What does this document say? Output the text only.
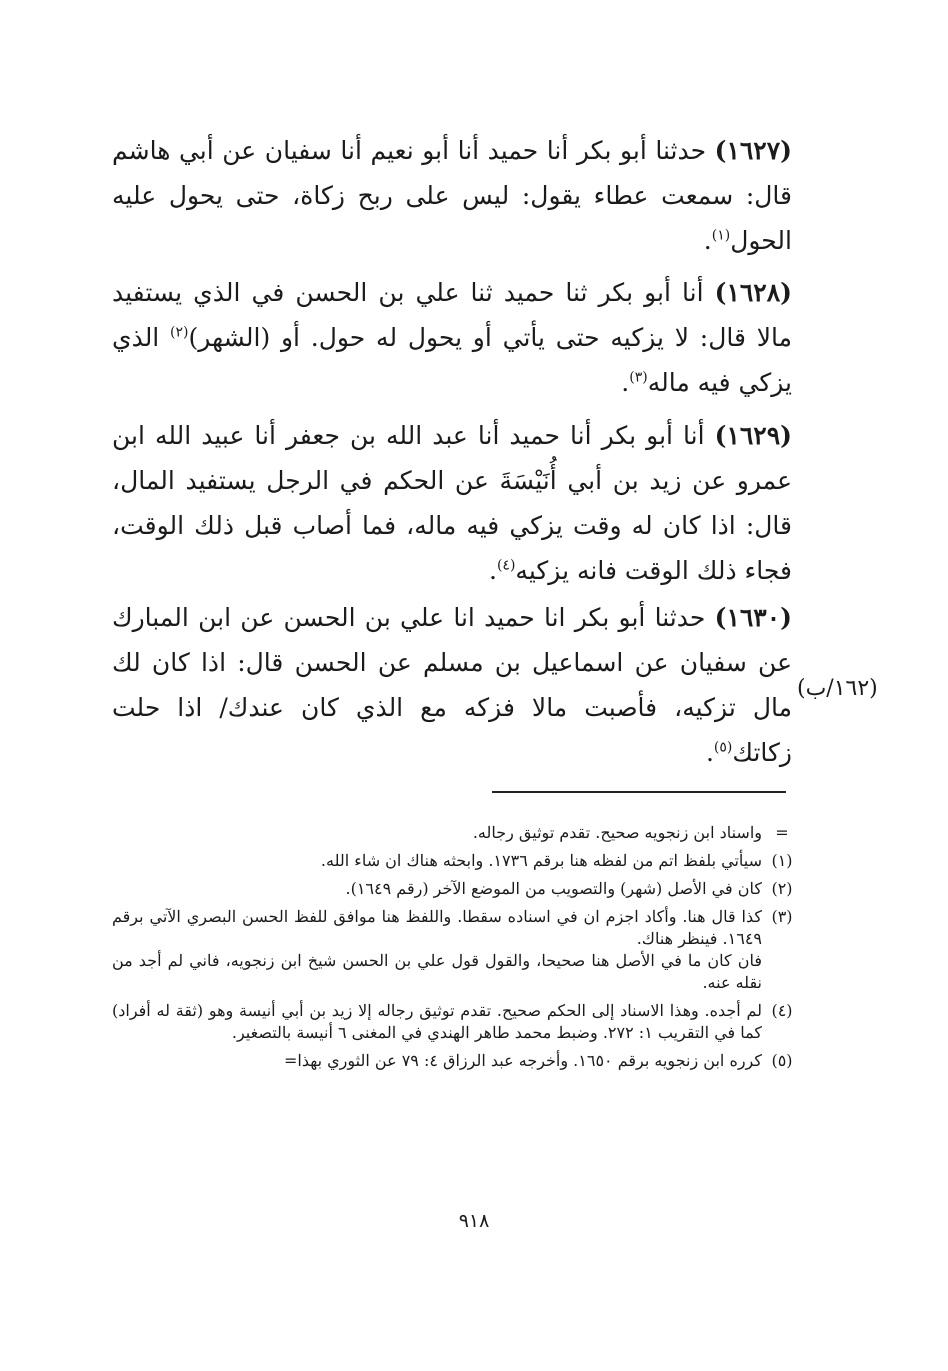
(١٦٢٧) حدثنا أبو بكر أنا حميد أنا أبو نعيم أنا سفيان عن أبي هاشم قال: سمعت عطاء يقول: ليس على ربح زكاة، حتى يحول عليه الحول$^{(١)}$.

(١٦٢٨) أنا أبو بكر ثنا حميد ثنا علي بن الحسن في الذي يستفيد مالا قال: لا يزكيه حتى يأتي أو يحول له حول. أو (الشهر)$^{(٢)}$ الذي يزكي فيه ماله$^{(٣)}$.

(١٦٢٩) أنا أبو بكر أنا حميد أنا عبد الله بن جعفر أنا عبيد الله ابن عمرو عن زيد بن أبي أُنَيْسَةَ عن الحكم في الرجل يستفيد المال، قال: اذا كان له وقت يزكي فيه ماله، فما أصاب قبل ذلك الوقت، فجاء ذلك الوقت فانه يزكيه$^{(٤)}$.

(١٦٣٠) حدثنا أبو بكر انا حميد انا علي بن الحسن عن ابن المبارك عن سفيان عن اسماعيل بن مسلم عن الحسن قال: اذا كان لك مال تزكيه، فأصبت مالا فزكه مع الذي كان عندك/ اذا حلت زكاتك$^{(٥)}$.

(١٦٢/ب)
=

واسناد ابن زنجويه صحيح. تقدم توثيق رجاله.

(١)

سيأتي بلفظ اتم من لفظه هنا برقم ١٧٣٦. وابحثه هناك ان شاء الله.

(٢)

كان في الأصل (شهر) والتصويب من الموضع الآخر (رقم ١٦٤٩).

(٣)

كذا قال هنا. وأكاد اجزم ان في اسناده سقطا. واللفظ هنا موافق للفظ الحسن البصري الآتي برقم ١٦٤٩. فينظر هناك.

فان كان ما في الأصل هنا صحيحا، والقول قول علي بن الحسن شيخ ابن زنجويه، فاني لم أجد من نقله عنه.

(٤)

لم أجده. وهذا الاسناد إلى الحكم صحيح. تقدم توثيق رجاله إلا زيد بن أبي أنيسة وهو (ثقة له أفراد) كما في التقريب ١: ٢٧٢. وضبط محمد طاهر الهندي في المغنى ٦ أنيسة بالتصغير.

(٥)

كرره ابن زنجويه برقم ١٦٥٠. وأخرجه عبد الرزاق ٤: ٧٩ عن الثوري بهذا=

٩١٨
